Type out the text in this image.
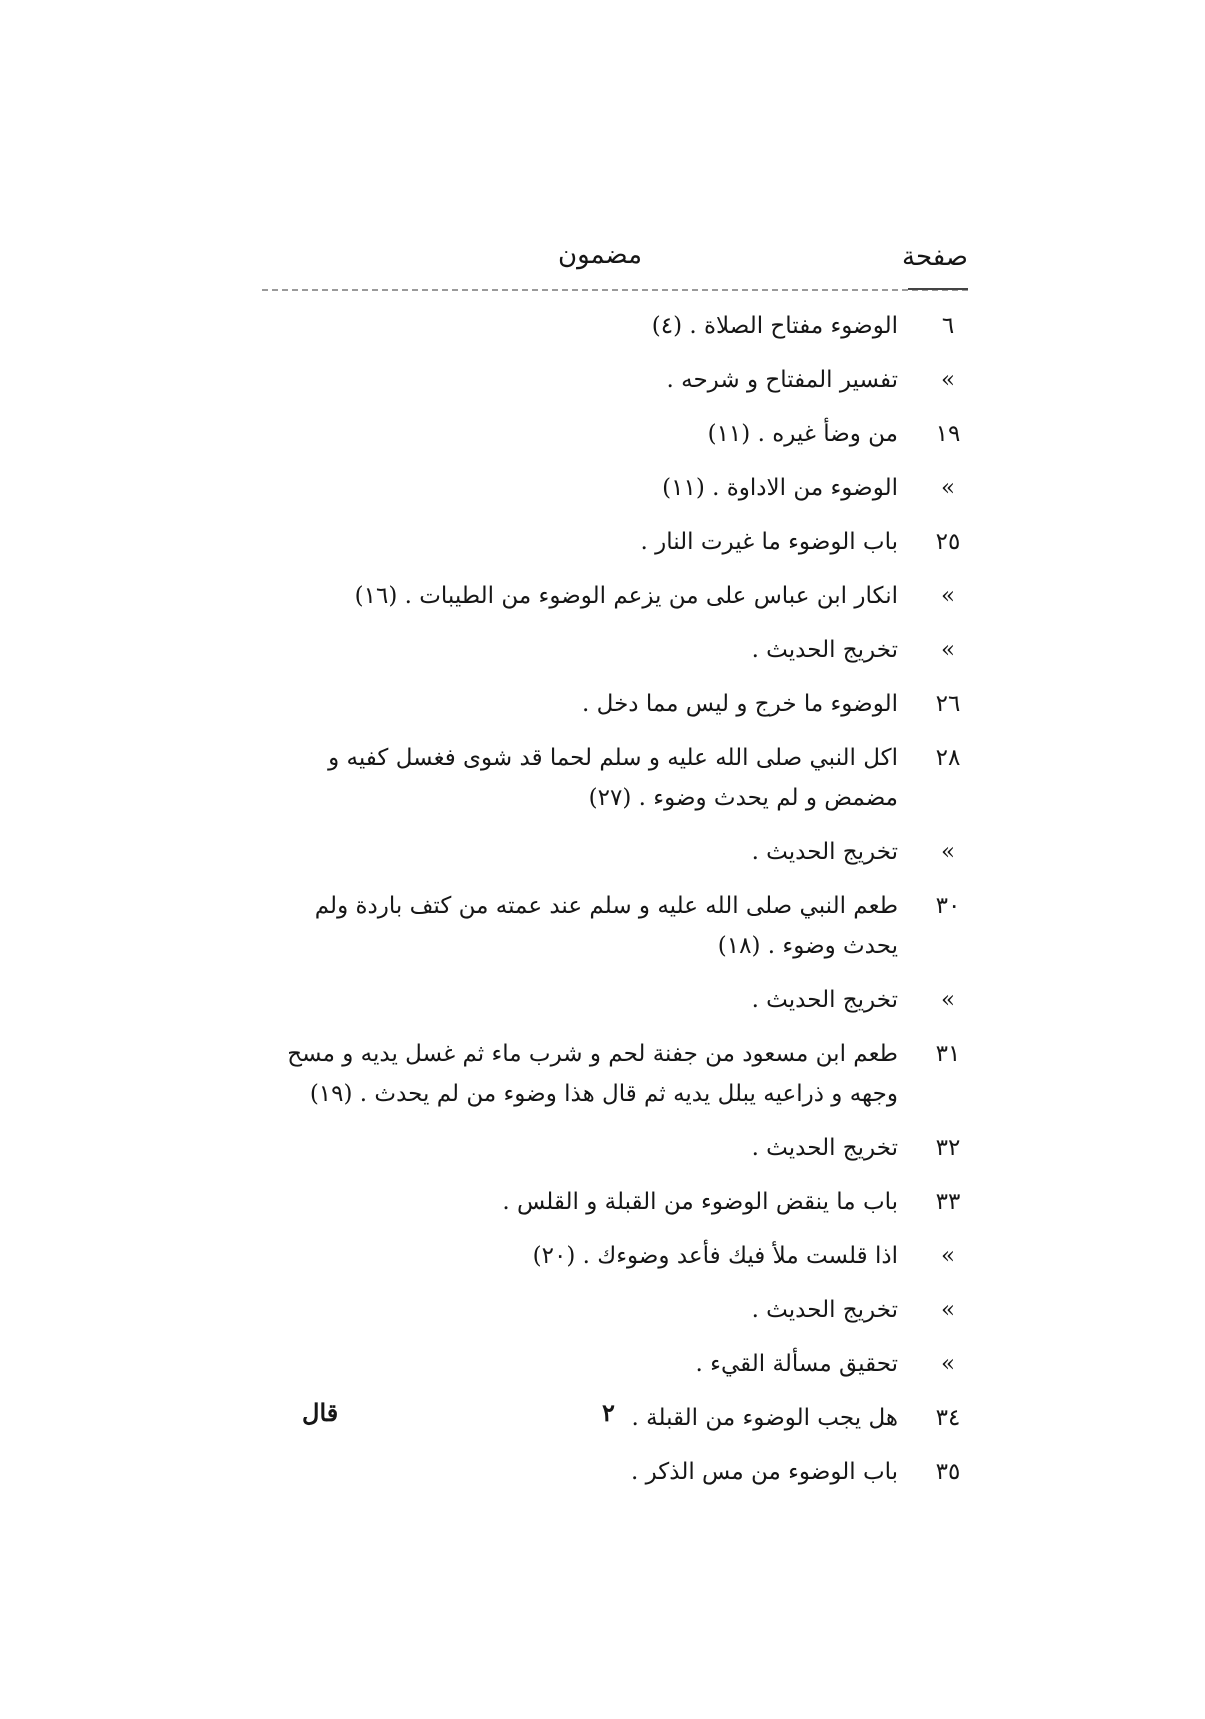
صفحة
مضمون
٦
الوضوء مفتاح الصلاة . (٤)
»
تفسير المفتاح و شرحه .
١٩
من وضأ غيره . (١١)
»
الوضوء من الاداوة . (١١)
٢٥
باب الوضوء ما غيرت النار .
»
انكار ابن عباس على من يزعم الوضوء من الطيبات . (١٦)
»
تخريج الحديث .
٢٦
الوضوء ما خرج و ليس مما دخل .
٢٨
اكل النبي صلى الله عليه و سلم لحما قد شوى فغسل كفيه و مضمض و لم يحدث وضوء . (٢٧)
»
تخريج الحديث .
٣٠
طعم النبي صلى الله عليه و سلم عند عمته من كتف باردة ولم يحدث وضوء . (١٨)
»
تخريج الحديث .
٣١
طعم ابن مسعود من جفنة لحم و شرب ماء ثم غسل يديه و مسح وجهه و ذراعيه يبلل يديه ثم قال هذا وضوء من لم يحدث . (١٩)
٣٢
تخريج الحديث .
٣٣
باب ما ينقض الوضوء من القبلة و القلس .
»
اذا قلست ملأ فيك فأعد وضوءك . (٢٠)
»
تخريج الحديث .
»
تحقيق مسألة القيء .
٣٤
هل يجب الوضوء من القبلة .
٣٥
باب الوضوء من مس الذكر .
٢
قال
